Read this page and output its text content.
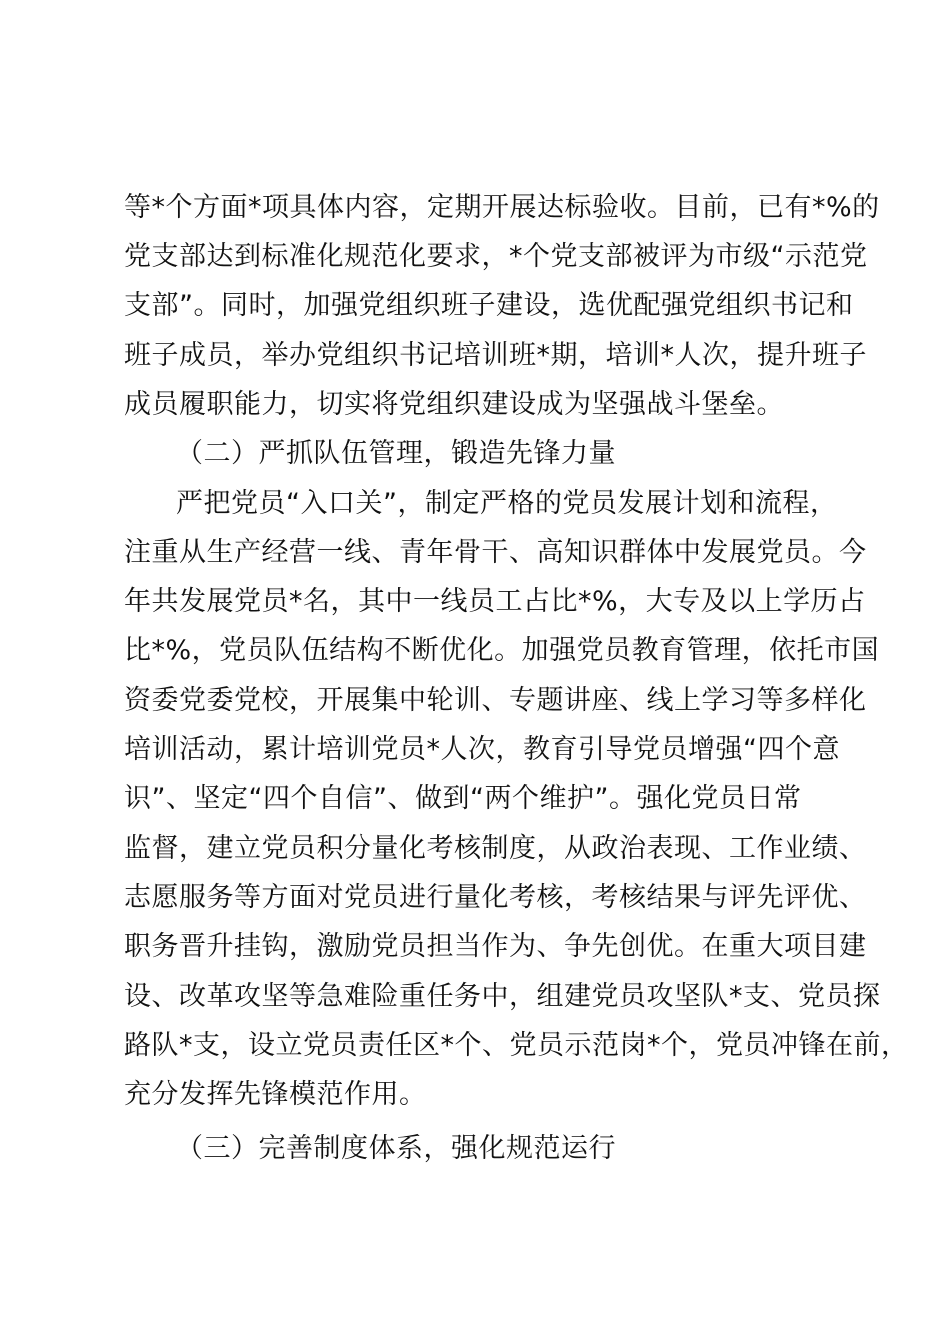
等*个方面*项具体内容，定期开展达标验收。目前，已有*%的
党支部达到标准化规范化要求，*个党支部被评为市级“示范党
支部”。同时，加强党组织班子建设，选优配强党组织书记和
班子成员，举办党组织书记培训班*期，培训*人次，提升班子
成员履职能力，切实将党组织建设成为坚强战斗堡垒。
（二）严抓队伍管理，锻造先锋力量
严把党员“入口关”，制定严格的党员发展计划和流程，
注重从生产经营一线、青年骨干、高知识群体中发展党员。今
年共发展党员*名，其中一线员工占比*%，大专及以上学历占
比*%，党员队伍结构不断优化。加强党员教育管理，依托市国
资委党委党校，开展集中轮训、专题讲座、线上学习等多样化
培训活动，累计培训党员*人次，教育引导党员增强“四个意
识”、坚定“四个自信”、做到“两个维护”。强化党员日常
监督，建立党员积分量化考核制度，从政治表现、工作业绩、
志愿服务等方面对党员进行量化考核，考核结果与评先评优、
职务晋升挂钩，激励党员担当作为、争先创优。在重大项目建
设、改革攻坚等急难险重任务中，组建党员攻坚队*支、党员探
路队*支，设立党员责任区*个、党员示范岗*个，党员冲锋在前，
充分发挥先锋模范作用。
（三）完善制度体系，强化规范运行
